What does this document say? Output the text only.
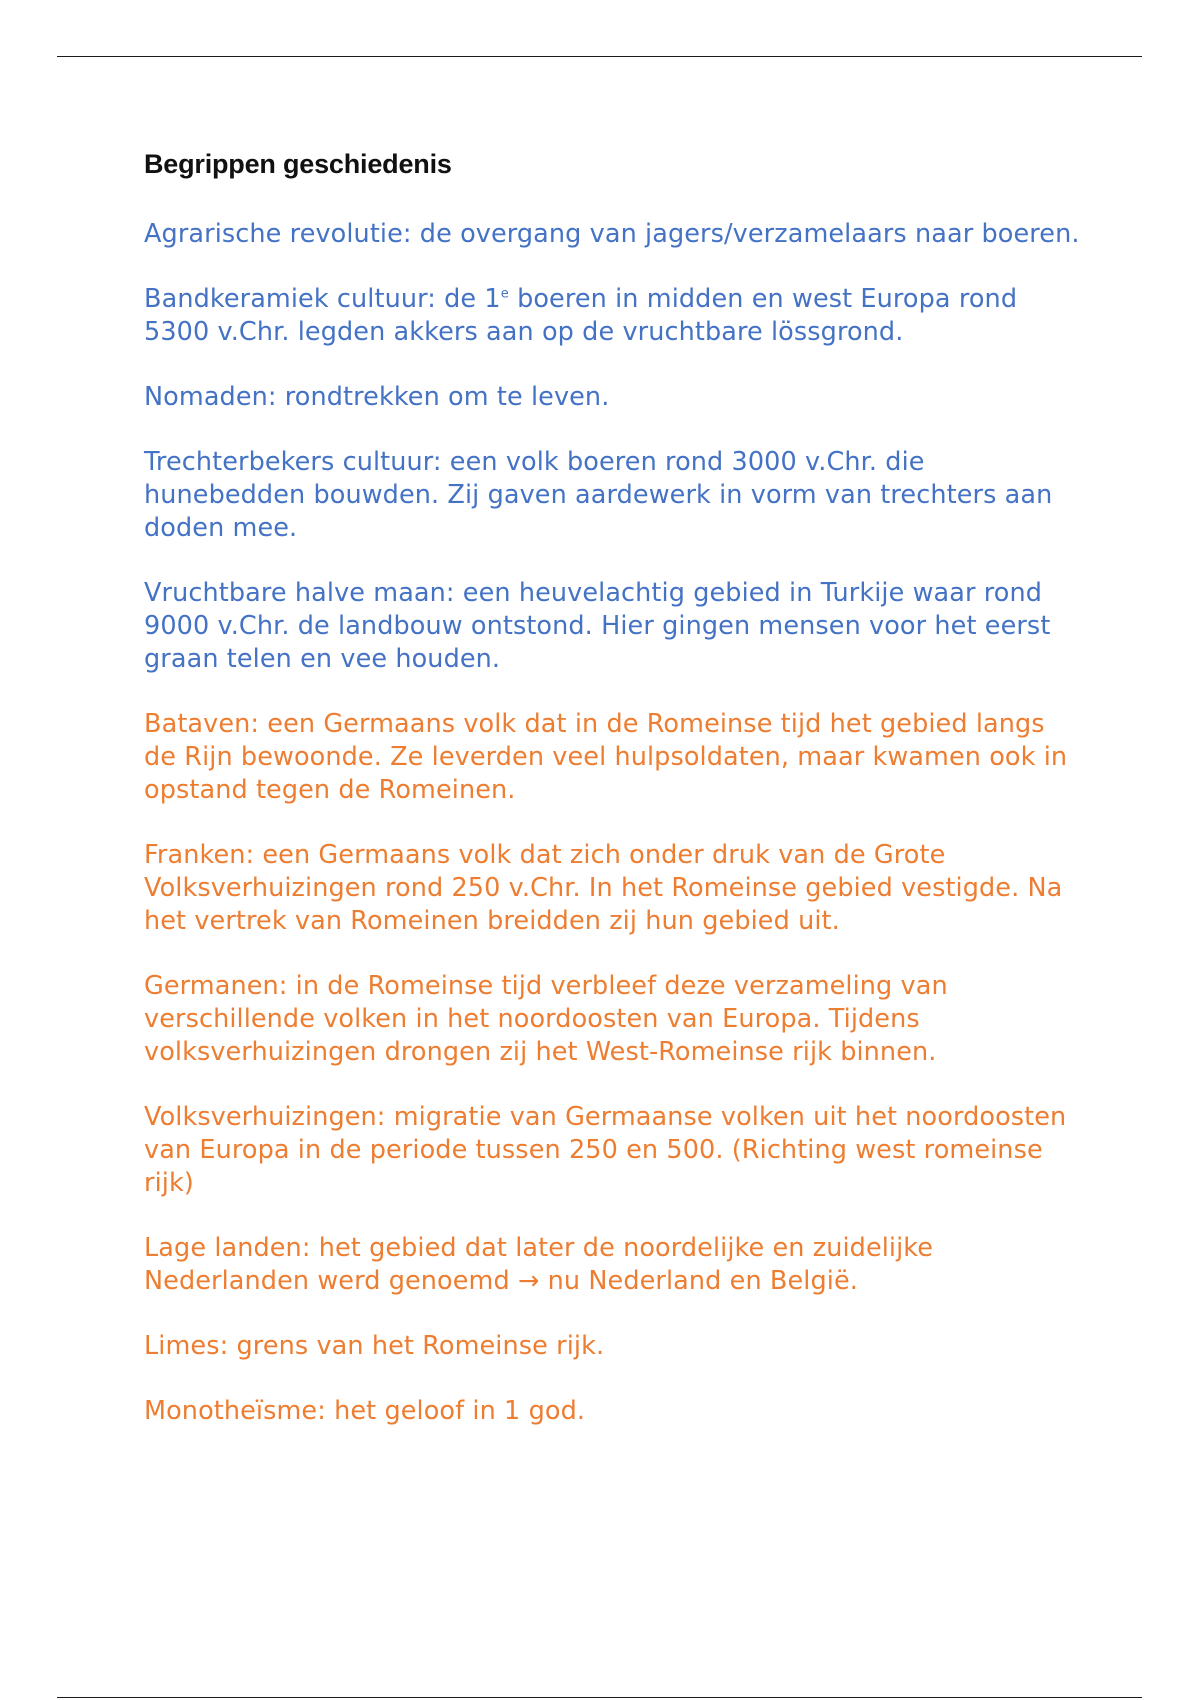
Begrippen geschiedenis

Agrarische revolutie: de overgang van jagers/verzamelaars naar boeren.

Bandkeramiek cultuur: de 1e boeren in midden en west Europa rond 5300 v.Chr. legden akkers aan op de vruchtbare lössgrond.

Nomaden: rondtrekken om te leven.

Trechterbekers cultuur: een volk boeren rond 3000 v.Chr. die hunebedden bouwden. Zij gaven aardewerk in vorm van trechters aan doden mee.

Vruchtbare halve maan: een heuvelachtig gebied in Turkije waar rond 9000 v.Chr. de landbouw ontstond. Hier gingen mensen voor het eerst graan telen en vee houden.

Bataven: een Germaans volk dat in de Romeinse tijd het gebied langs de Rijn bewoonde. Ze leverden veel hulpsoldaten, maar kwamen ook in opstand tegen de Romeinen.

Franken: een Germaans volk dat zich onder druk van de Grote Volksverhuizingen rond 250 v.Chr. In het Romeinse gebied vestigde. Na het vertrek van Romeinen breidden zij hun gebied uit.

Germanen: in de Romeinse tijd verbleef deze verzameling van verschillende volken in het noordoosten van Europa. Tijdens volksverhuizingen drongen zij het West-Romeinse rijk binnen.

Volksverhuizingen: migratie van Germaanse volken uit het noordoosten van Europa in de periode tussen 250 en 500. (Richting west romeinse rijk)

Lage landen: het gebied dat later de noordelijke en zuidelijke Nederlanden werd genoemd → nu Nederland en België.

Limes: grens van het Romeinse rijk.

Monotheïsme: het geloof in 1 god.
